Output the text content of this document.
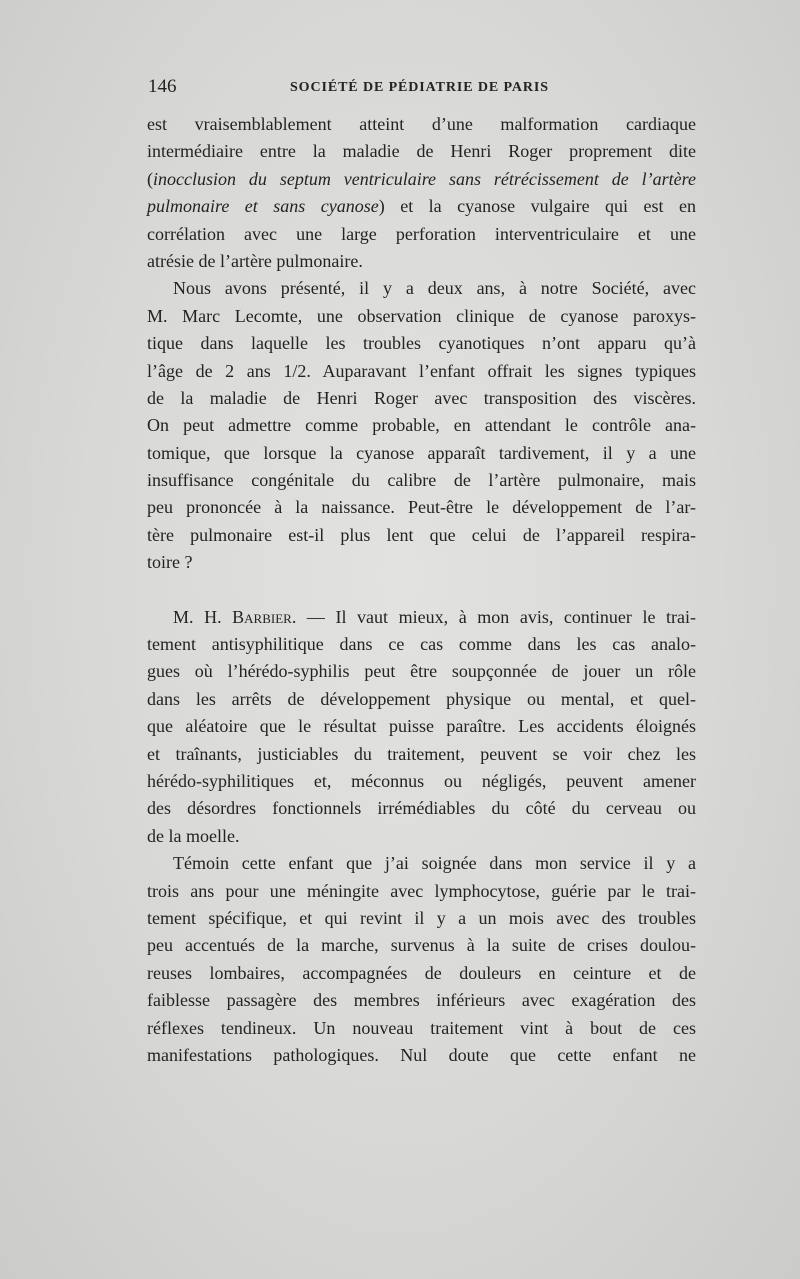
146	SOCIÉTÉ DE PÉDIATRIE DE PARIS
est vraisemblablement atteint d’une malformation cardiaque
intermédiaire entre la maladie de Henri Roger proprement dite
(inocclusion du septum ventriculaire sans rétrécissement de l’artère
pulmonaire et sans cyanose) et la cyanose vulgaire qui est en
corrélation avec une large perforation interventriculaire et une
atrésie de l’artère pulmonaire.
Nous avons présenté, il y a deux ans, à notre Société, avec
M. Marc Lecomte, une observation clinique de cyanose paroxys-
tique dans laquelle les troubles cyanotiques n’ont apparu qu’à
l’âge de 2 ans 1/2. Auparavant l’enfant offrait les signes typiques
de la maladie de Henri Roger avec transposition des viscères.
On peut admettre comme probable, en attendant le contrôle ana-
tomique, que lorsque la cyanose apparaît tardivement, il y a une
insuffisance congénitale du calibre de l’artère pulmonaire, mais
peu prononcée à la naissance. Peut-être le développement de l’ar-
tère pulmonaire est-il plus lent que celui de l’appareil respira-
toire ?
M. H. Barbier. — Il vaut mieux, à mon avis, continuer le trai-
tement antisyphilitique dans ce cas comme dans les cas analo-
gues où l’hérédo-syphilis peut être soupçonnée de jouer un rôle
dans les arrêts de développement physique ou mental, et quel-
que aléatoire que le résultat puisse paraître. Les accidents éloignés
et traînants, justiciables du traitement, peuvent se voir chez les
hérédo-syphilitiques et, méconnus ou négligés, peuvent amener
des désordres fonctionnels irrémédiables du côté du cerveau ou
de la moelle.
Témoin cette enfant que j’ai soignée dans mon service il y a
trois ans pour une méningite avec lymphocytose, guérie par le trai-
tement spécifique, et qui revint il y a un mois avec des troubles
peu accentués de la marche, survenus à la suite de crises doulou-
reuses lombaires, accompagnées de douleurs en ceinture et de
faiblesse passagère des membres inférieurs avec exagération des
réflexes tendineux. Un nouveau traitement vint à bout de ces
manifestations pathologiques. Nul doute que cette enfant ne
